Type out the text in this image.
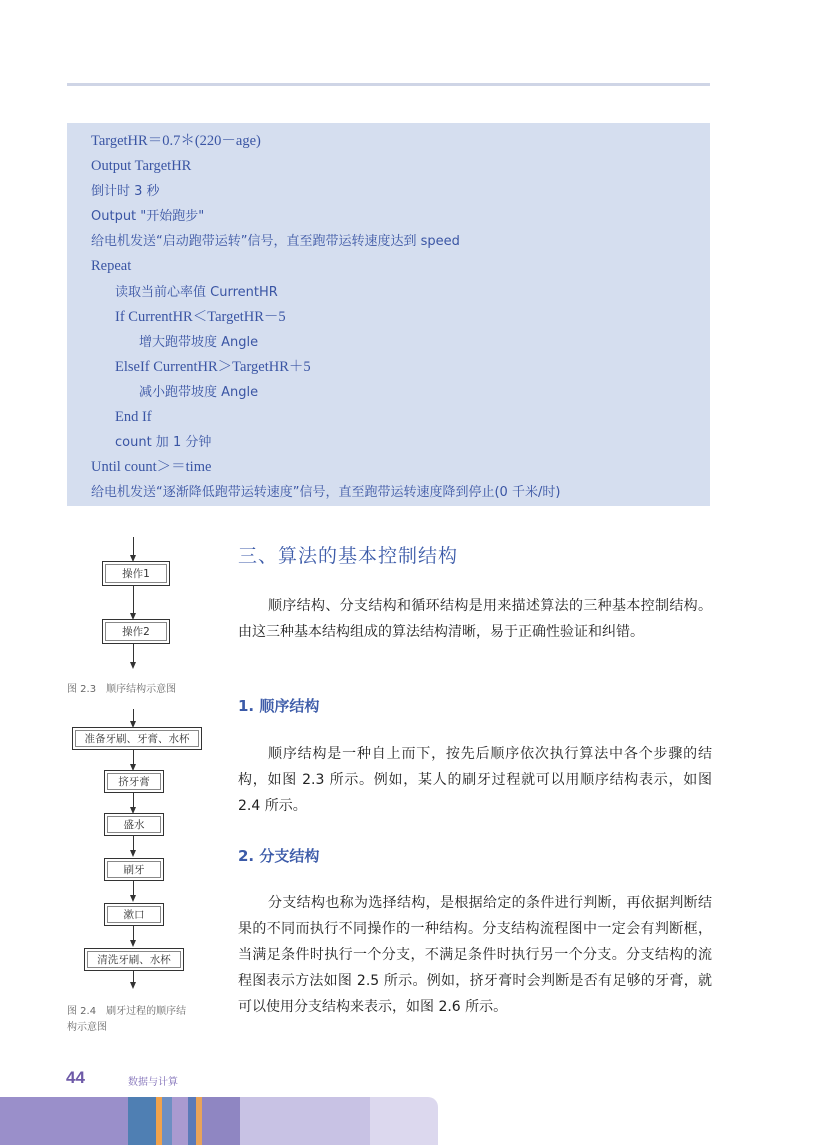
TargetHR＝0.7＊(220－age)
Output TargetHR
倒计时 3 秒
Output "开始跑步"
给电机发送“启动跑带运转”信号，直至跑带运转速度达到 speed
Repeat
读取当前心率值 CurrentHR
If CurrentHR＜TargetHR－5
增大跑带坡度 Angle
ElseIf CurrentHR＞TargetHR＋5
减小跑带坡度 Angle
End If
count 加 1 分钟
Until count＞＝time
给电机发送“逐渐降低跑带运转速度”信号，直至跑带运转速度降到停止(0 千米/时)
操作1
操作2
图 2.3　顺序结构示意图
准备牙刷、牙膏、水杯
挤牙膏
盛水
刷牙
漱口
清洗牙刷、水杯
图 2.4　刷牙过程的顺序结
构示意图
三、算法的基本控制结构
顺序结构、分支结构和循环结构是用来描述算法的三种基本控制结构。由这三种基本结构组成的算法结构清晰，易于正确性验证和纠错。
1. 顺序结构
顺序结构是一种自上而下，按先后顺序依次执行算法中各个步骤的结构，如图 2.3 所示。例如，某人的刷牙过程就可以用顺序结构表示，如图 2.4 所示。
2. 分支结构
分支结构也称为选择结构，是根据给定的条件进行判断，再依据判断结果的不同而执行不同操作的一种结构。分支结构流程图中一定会有判断框，当满足条件时执行一个分支，不满足条件时执行另一个分支。分支结构的流程图表示方法如图 2.5 所示。例如，挤牙膏时会判断是否有足够的牙膏，就可以使用分支结构来表示，如图 2.6 所示。
44	数据与计算
